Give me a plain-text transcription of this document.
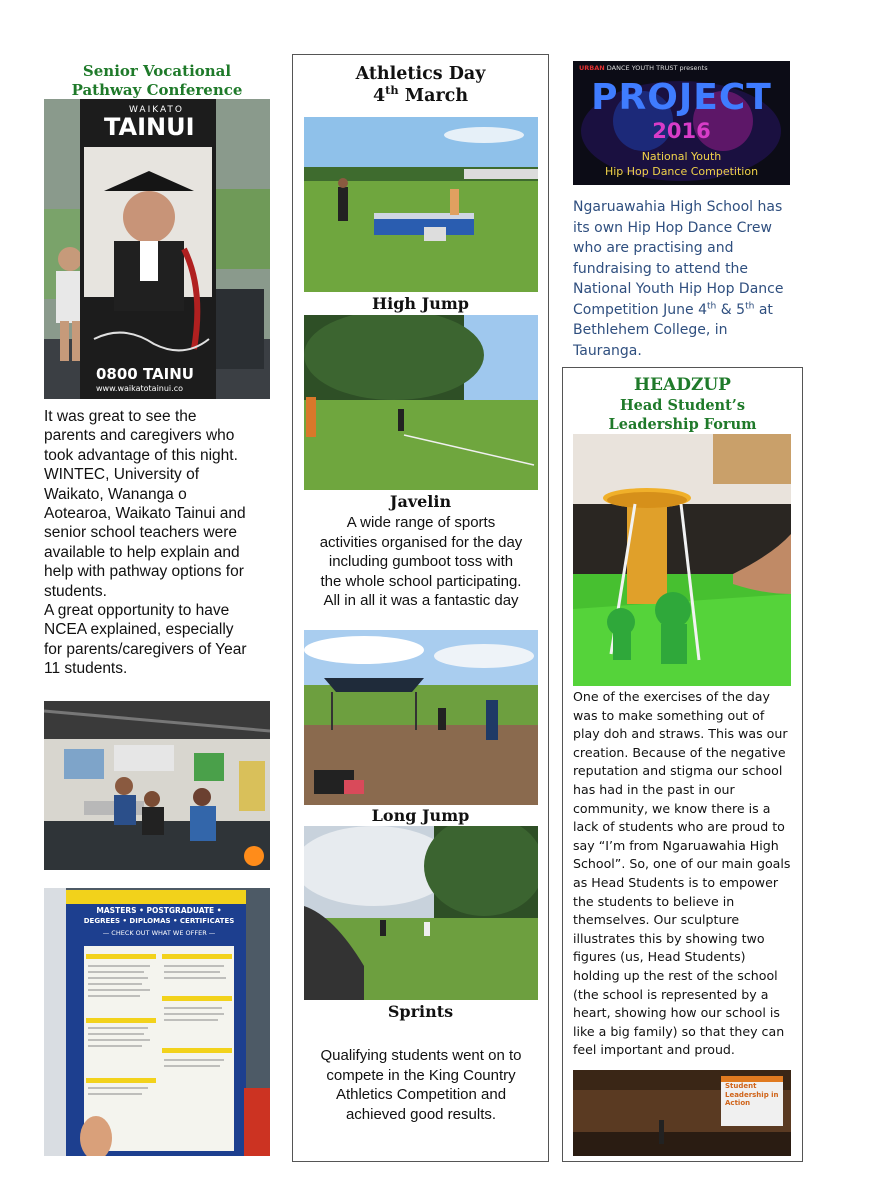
Senior Vocational
Pathway Conference
WAIKATO
TAINUI
0800 TAINU
www.waikatotainui.co
It was great to see the
parents and caregivers who
took advantage of this night.
WINTEC, University of
Waikato, Wananga o
Aotearoa, Waikato Tainui and
senior school teachers were
available to help explain and
help with pathway options for
students.
A great opportunity to have
NCEA explained, especially
for parents/caregivers of Year
11 students.
MASTERS • POSTGRADUATE •
DEGREES • DIPLOMAS • CERTIFICATES
— CHECK OUT WHAT WE OFFER —
Athletics Day
4th March
High Jump
Javelin
A wide range of sports
activities organised for the day
including gumboot toss with
the whole school participating.
All in all it was a fantastic day
Long Jump
Sprints
Qualifying students went on to
compete in the King Country
Athletics Competition and
achieved good results.
URBAN DANCE YOUTH TRUST presents
PROJECT
2016
National Youth
Hip Hop Dance Competition
Ngaruawahia High School has
its own Hip Hop Dance Crew
who are practising and
fundraising to attend the
National Youth Hip Hop Dance
Competition June 4th & 5th at
Bethlehem College, in
Tauranga.
HEADZUP
Head Student’s
Leadership Forum
One of the exercises of the day
was to make something out of
play doh and straws. This was our
creation. Because of the negative
reputation and stigma our school
has had in the past in our
community, we know there is a
lack of students who are proud to
say “I’m from Ngaruawahia High
School”. So, one of our main goals
as Head Students is to empower
the students to believe in
themselves. Our sculpture
illustrates this by showing two
figures (us, Head Students)
holding up the rest of the school
(the school is represented by a
heart, showing how our school is
like a big family) so that they can
feel important and proud.
Student
Leadership in
Action
